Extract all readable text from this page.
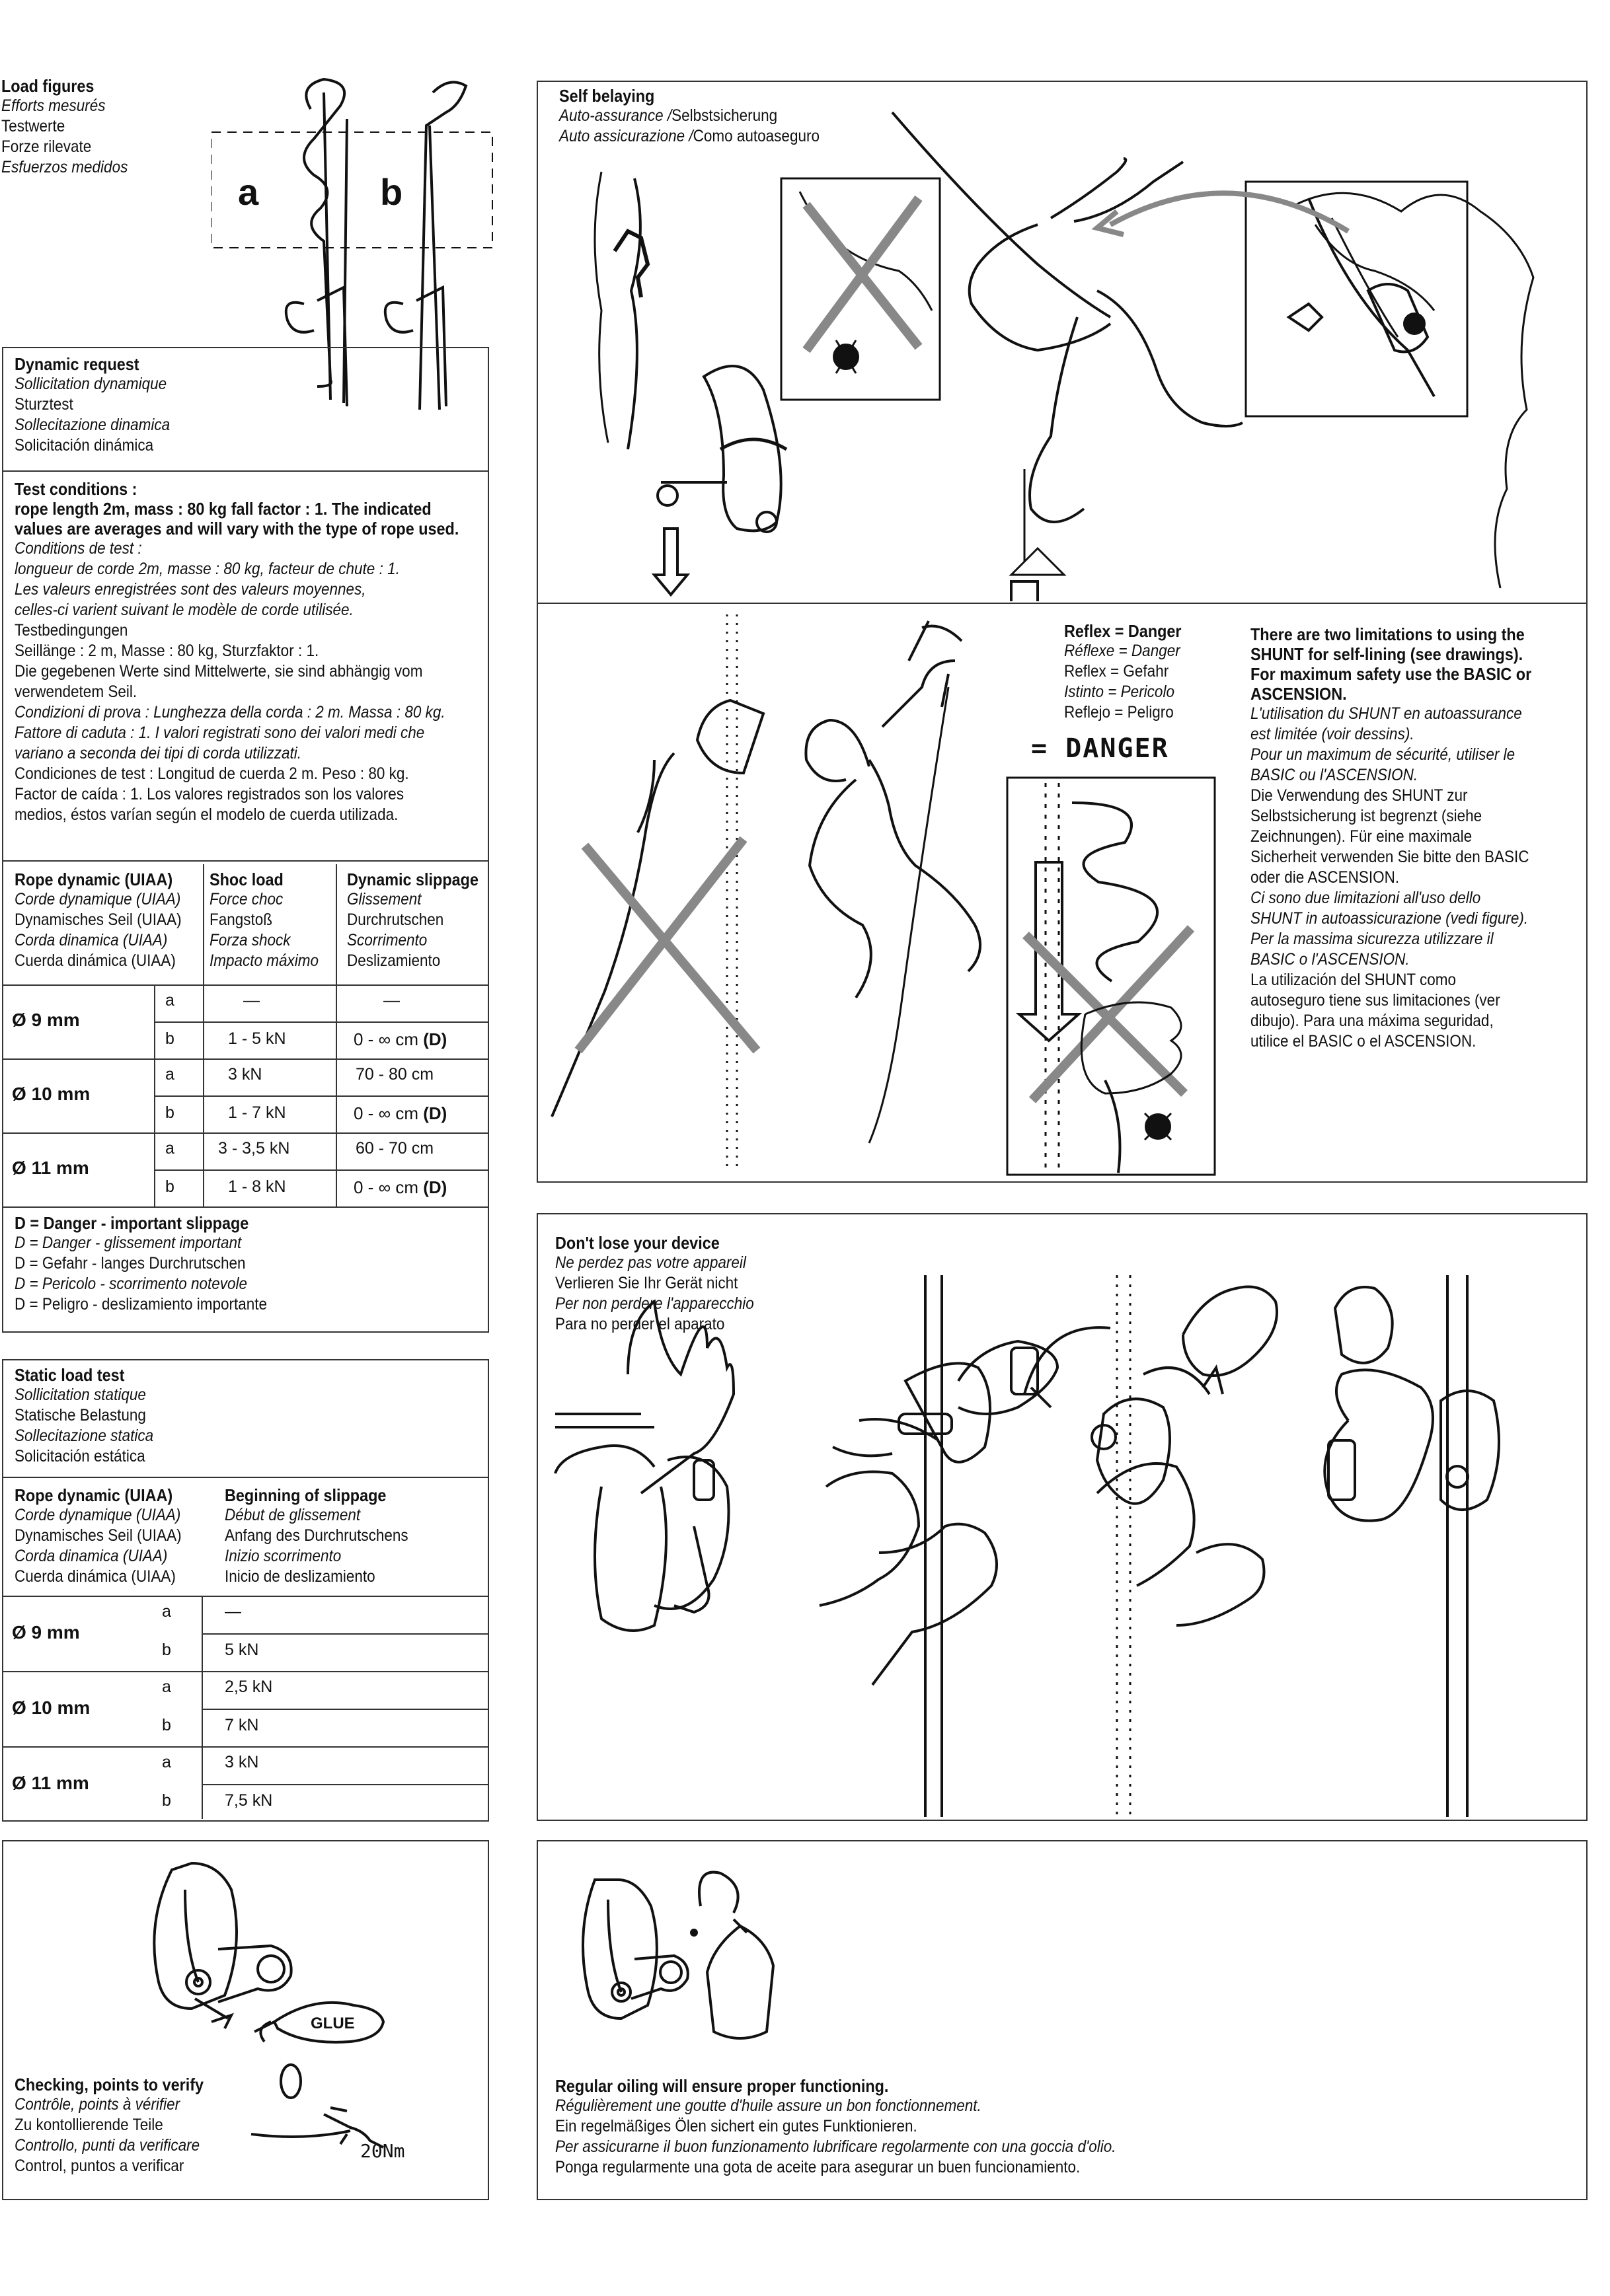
Load figures
Efforts mesurés
Testwerte
Forze rilevate
Esfuerzos medidos
a	b
Dynamic request
Sollicitation dynamique
Sturztest
Sollecitazione dinamica
Solicitación dinámica
Test conditions :
rope length 2m, mass : 80 kg fall factor : 1. The indicated
values are averages and will vary with the type of rope used.
Conditions de test :
longueur de corde 2m, masse : 80 kg, facteur de chute : 1.
Les valeurs enregistrées sont des valeurs moyennes,
celles-ci varient suivant le modèle de corde utilisée.
Testbedingungen
Seillänge : 2 m, Masse : 80 kg, Sturzfaktor : 1.
Die gegebenen Werte sind Mittelwerte, sie sind abhängig vom
verwendetem Seil.
Condizioni di prova : Lunghezza della corda : 2 m. Massa : 80 kg.
Fattore di caduta : 1. I valori registrati sono dei valori medi che
variano a seconda dei tipi di corda utilizzati.
Condiciones de test : Longitud de cuerda 2 m. Peso : 80 kg.
Factor de caída : 1. Los valores registrados son los valores
medios, éstos varían según el modelo de cuerda utilizada.
Rope dynamic (UIAA)
Corde dynamique (UIAA)
Dynamisches Seil (UIAA)
Corda dinamica (UIAA)
Cuerda dinámica (UIAA)
Shoc load
Force choc
Fangstoß
Forza shock
Impacto máximo
Dynamic slippage
Glissement
Durchrutschen
Scorrimento
Deslizamiento
Ø 9 mm
a	—	—
b	1 - 5 kN	0 - ∞ cm (D)
Ø 10 mm
a	3 kN	70 - 80 cm
b	1 - 7 kN	0 - ∞ cm (D)
Ø 11 mm
a	3 - 3,5 kN	60 - 70 cm
b	1 - 8 kN	0 - ∞ cm (D)
D = Danger - important slippage
D = Danger - glissement important
D = Gefahr - langes Durchrutschen
D = Pericolo - scorrimento notevole
D = Peligro - deslizamiento importante
Static load test
Sollicitation statique
Statische Belastung
Sollecitazione statica
Solicitación estática
Rope dynamic (UIAA)
Corde dynamique (UIAA)
Dynamisches Seil (UIAA)
Corda dinamica (UIAA)
Cuerda dinámica (UIAA)
Beginning of slippage
Début de glissement
Anfang des Durchrutschens
Inizio scorrimento
Inicio de deslizamiento
Ø 9 mm
a	—
b	5 kN
Ø 10 mm
a	2,5 kN
b	7 kN
Ø 11 mm
a	3 kN
b	7,5 kN
GLUE
20Nm
Checking, points to verify
Contrôle, points à vérifier
Zu kontollierende Teile
Controllo, punti da verificare
Control, puntos a verificar
Self belaying
Auto-assurance /Selbstsicherung
Auto assicurazione /Como autoaseguro
Reflex = Danger
Réflexe = Danger
Reflex = Gefahr
Istinto = Pericolo
Reflejo = Peligro
= DANGER
There are two limitations to using the
SHUNT for self-lining (see drawings).
For maximum safety use the BASIC or
ASCENSION.
L'utilisation du SHUNT en autoassurance
est limitée (voir dessins).
Pour un maximum de sécurité, utiliser le
BASIC ou l'ASCENSION.
Die Verwendung des SHUNT zur
Selbstsicherung ist begrenzt (siehe
Zeichnungen). Für eine maximale
Sicherheit verwenden Sie bitte den BASIC
oder die ASCENSION.
Ci sono due limitazioni all'uso dello
SHUNT in autoassicurazione (vedi figure).
Per la massima sicurezza utilizzare il
BASIC o l'ASCENSION.
La utilización del SHUNT como
autoseguro tiene sus limitaciones (ver
dibujo). Para una máxima seguridad,
utilice el BASIC o el ASCENSION.
Don't lose your device
Ne perdez pas votre appareil
Verlieren Sie Ihr Gerät nicht
Per non perdere l'apparecchio
Para no perder el aparato
Regular oiling will ensure proper functioning.
Régulièrement une goutte d'huile assure un bon fonctionnement.
Ein regelmäßiges Ölen sichert ein gutes Funktionieren.
Per assicurarne il buon funzionamento lubrificare regolarmente con una goccia d'olio.
Ponga regularmente una gota de aceite para asegurar un buen funcionamiento.
